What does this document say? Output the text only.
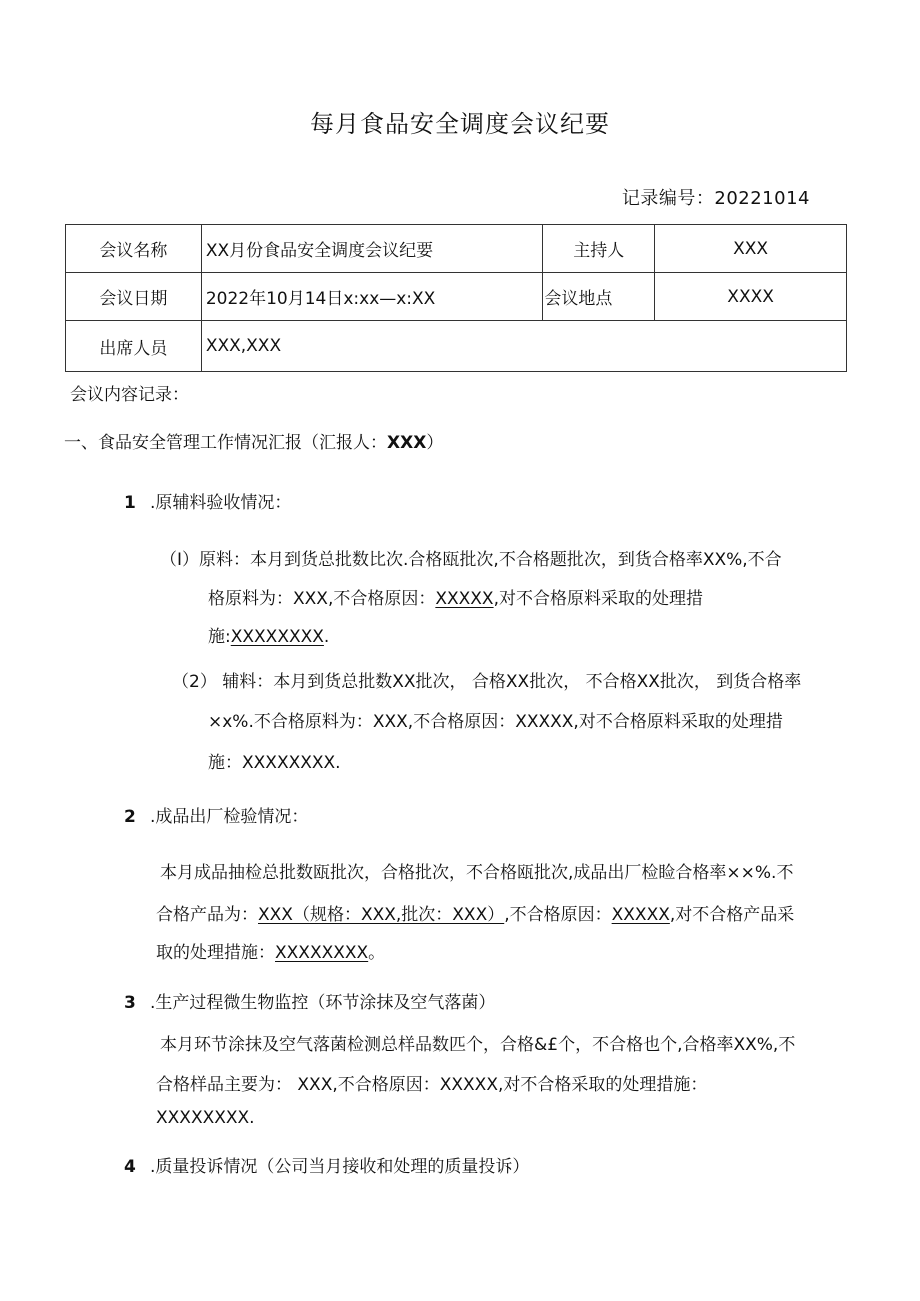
每月食品安全调度会议纪要
记录编号：20221014
会议名称	XX月份食品安全调度会议纪要	主持人	XXX
会议日期	2022年10月14日x:xx—x:XX	会议地点	XXXX
出席人员	XXX,XXX		
会议内容记录：
一、食品安全管理工作情况汇报（汇报人：XXX）
1 .原辅料验收情况：
（I）原料：本月到货总批数比次.合格瓯批次,不合格题批次，到货合格率XX%,不合
格原料为：XXX,不合格原因：XXXXX,对不合格原料采取的处理措
施:XXXXXXXX.
（2） 辅料：本月到货总批数XX批次， 合格XX批次， 不合格XX批次， 到货合格率
×x%.不合格原料为：XXX,不合格原因：XXXXX,对不合格原料采取的处理措
施：XXXXXXXX.
2 .成品出厂检验情况：
本月成品抽检总批数瓯批次，合格批次，不合格瓯批次,成品出厂检睑合格率××%.不
合格产品为：XXX（规格：XXX,批次：XXX）,不合格原因：XXXXX,对不合格产品采
取的处理措施：XXXXXXXX。
3 .生产过程微生物监控（环节涂抹及空气落菌）
本月环节涂抹及空气落菌检测总样品数匹个，合格&£个，不合格也个,合格率XX%,不
合格样品主要为： XXX,不合格原因：XXXXX,对不合格采取的处理措施：
XXXXXXXX.
4 .质量投诉情况（公司当月接收和处理的质量投诉）
